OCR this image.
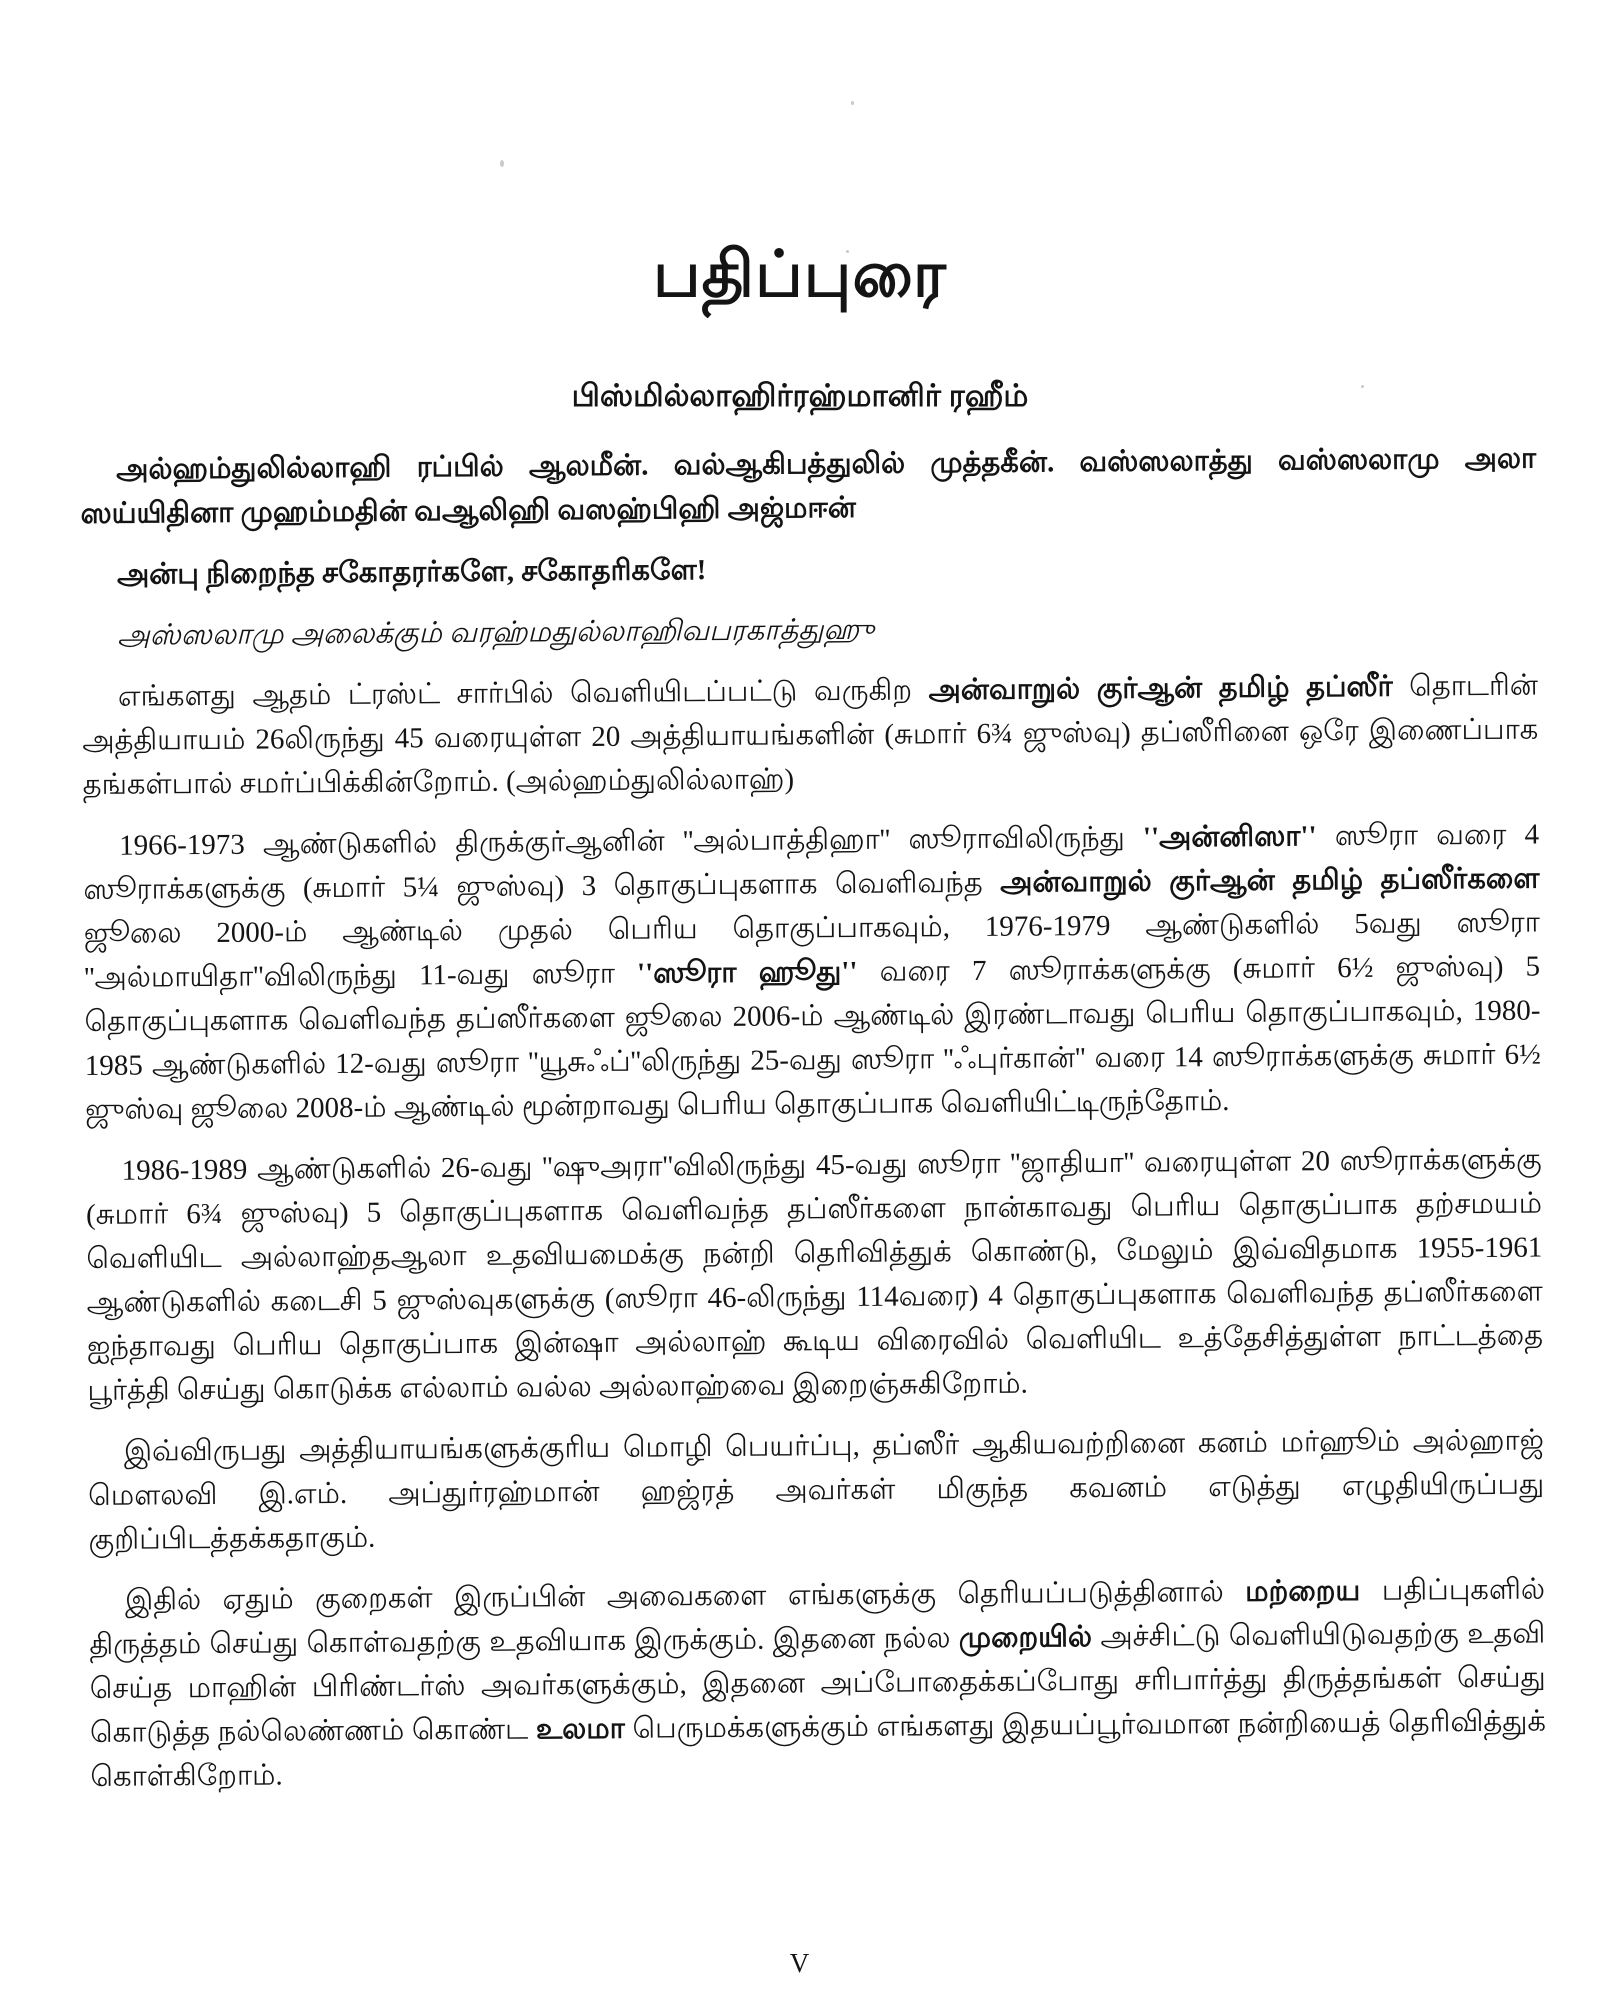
பதிப்புரை
பிஸ்மில்லாஹிர்ரஹ்மானிர் ரஹீம்

அல்ஹம்துலில்லாஹி ரப்பில் ஆலமீன். வல்ஆகிபத்துலில் முத்தகீன். வஸ்ஸலாத்து வஸ்ஸலாமு அலா ஸய்யிதினா முஹம்மதின் வஆலிஹி வஸஹ்பிஹி அஜ்மஈன்

அன்பு நிறைந்த சகோதரர்களே, சகோதரிகளே!

அஸ்ஸலாமு அலைக்கும் வரஹ்மதுல்லாஹிவபரகாத்துஹு

எங்களது ஆதம் ட்ரஸ்ட் சார்பில் வெளியிடப்பட்டு வருகிற அன்வாறுல் குர்ஆன் தமிழ் தப்ஸீர் தொடரின் அத்தியாயம் 26லிருந்து 45 வரையுள்ள 20 அத்தியாயங்களின் (சுமார் 6¾ ஜுஸ்வு) தப்ஸீரினை ஒரே இணைப்பாக தங்கள்பால் சமர்ப்பிக்கின்றோம். (அல்ஹம்துலில்லாஹ்)

1966-1973 ஆண்டுகளில் திருக்குர்ஆனின் ''அல்பாத்திஹா'' ஸூராவிலிருந்து ''அன்னிஸா'' ஸூரா வரை 4 ஸூராக்களுக்கு (சுமார் 5¼ ஜுஸ்வு) 3 தொகுப்புகளாக வெளிவந்த அன்வாறுல் குர்ஆன் தமிழ் தப்ஸீர்களை ஜூலை 2000-ம் ஆண்டில் முதல் பெரிய தொகுப்பாகவும், 1976-1979 ஆண்டுகளில் 5வது ஸூரா ''அல்மாயிதா''விலிருந்து 11-வது ஸூரா ''ஸூரா ஹூது'' வரை 7 ஸூராக்களுக்கு (சுமார் 6½ ஜுஸ்வு) 5 தொகுப்புகளாக வெளிவந்த தப்ஸீர்களை ஜூலை 2006-ம் ஆண்டில் இரண்டாவது பெரிய தொகுப்பாகவும், 1980-1985 ஆண்டுகளில் 12-வது ஸூரா ''யூசுஃப்''லிருந்து 25-வது ஸூரா ''ஃபுர்கான்'' வரை 14 ஸூராக்களுக்கு சுமார் 6½ ஜுஸ்வு ஜூலை 2008-ம் ஆண்டில் மூன்றாவது பெரிய தொகுப்பாக வெளியிட்டிருந்தோம்.

1986-1989 ஆண்டுகளில் 26-வது ''ஷுஅரா''விலிருந்து 45-வது ஸூரா ''ஜாதியா'' வரையுள்ள 20 ஸூராக்களுக்கு (சுமார் 6¾ ஜுஸ்வு) 5 தொகுப்புகளாக வெளிவந்த தப்ஸீர்களை நான்காவது பெரிய தொகுப்பாக தற்சமயம் வெளியிட அல்லாஹ்தஆலா உதவியமைக்கு நன்றி தெரிவித்துக் கொண்டு, மேலும் இவ்விதமாக 1955-1961 ஆண்டுகளில் கடைசி 5 ஜுஸ்வுகளுக்கு (ஸூரா 46-லிருந்து 114வரை) 4 தொகுப்புகளாக வெளிவந்த தப்ஸீர்களை ஐந்தாவது பெரிய தொகுப்பாக இன்ஷா அல்லாஹ் கூடிய விரைவில் வெளியிட உத்தேசித்துள்ள நாட்டத்தை பூர்த்தி செய்து கொடுக்க எல்லாம் வல்ல அல்லாஹ்வை இறைஞ்சுகிறோம்.

இவ்விருபது அத்தியாயங்களுக்குரிய மொழி பெயர்ப்பு, தப்ஸீர் ஆகியவற்றினை கனம் மர்ஹூம் அல்ஹாஜ் மௌலவி இ.எம். அப்துர்ரஹ்மான் ஹஜ்ரத் அவர்கள் மிகுந்த கவனம் எடுத்து எழுதியிருப்பது குறிப்பிடத்தக்கதாகும்.

இதில் ஏதும் குறைகள் இருப்பின் அவைகளை எங்களுக்கு தெரியப்படுத்தினால் மற்றைய பதிப்புகளில் திருத்தம் செய்து கொள்வதற்கு உதவியாக இருக்கும். இதனை நல்ல முறையில் அச்சிட்டு வெளியிடுவதற்கு உதவி செய்த மாஹின் பிரிண்டர்ஸ் அவர்களுக்கும், இதனை அப்போதைக்கப்போது சரிபார்த்து திருத்தங்கள் செய்து கொடுத்த நல்லெண்ணம் கொண்ட உலமா பெருமக்களுக்கும் எங்களது இதயப்பூர்வமான நன்றியைத் தெரிவித்துக் கொள்கிறோம்.

V
